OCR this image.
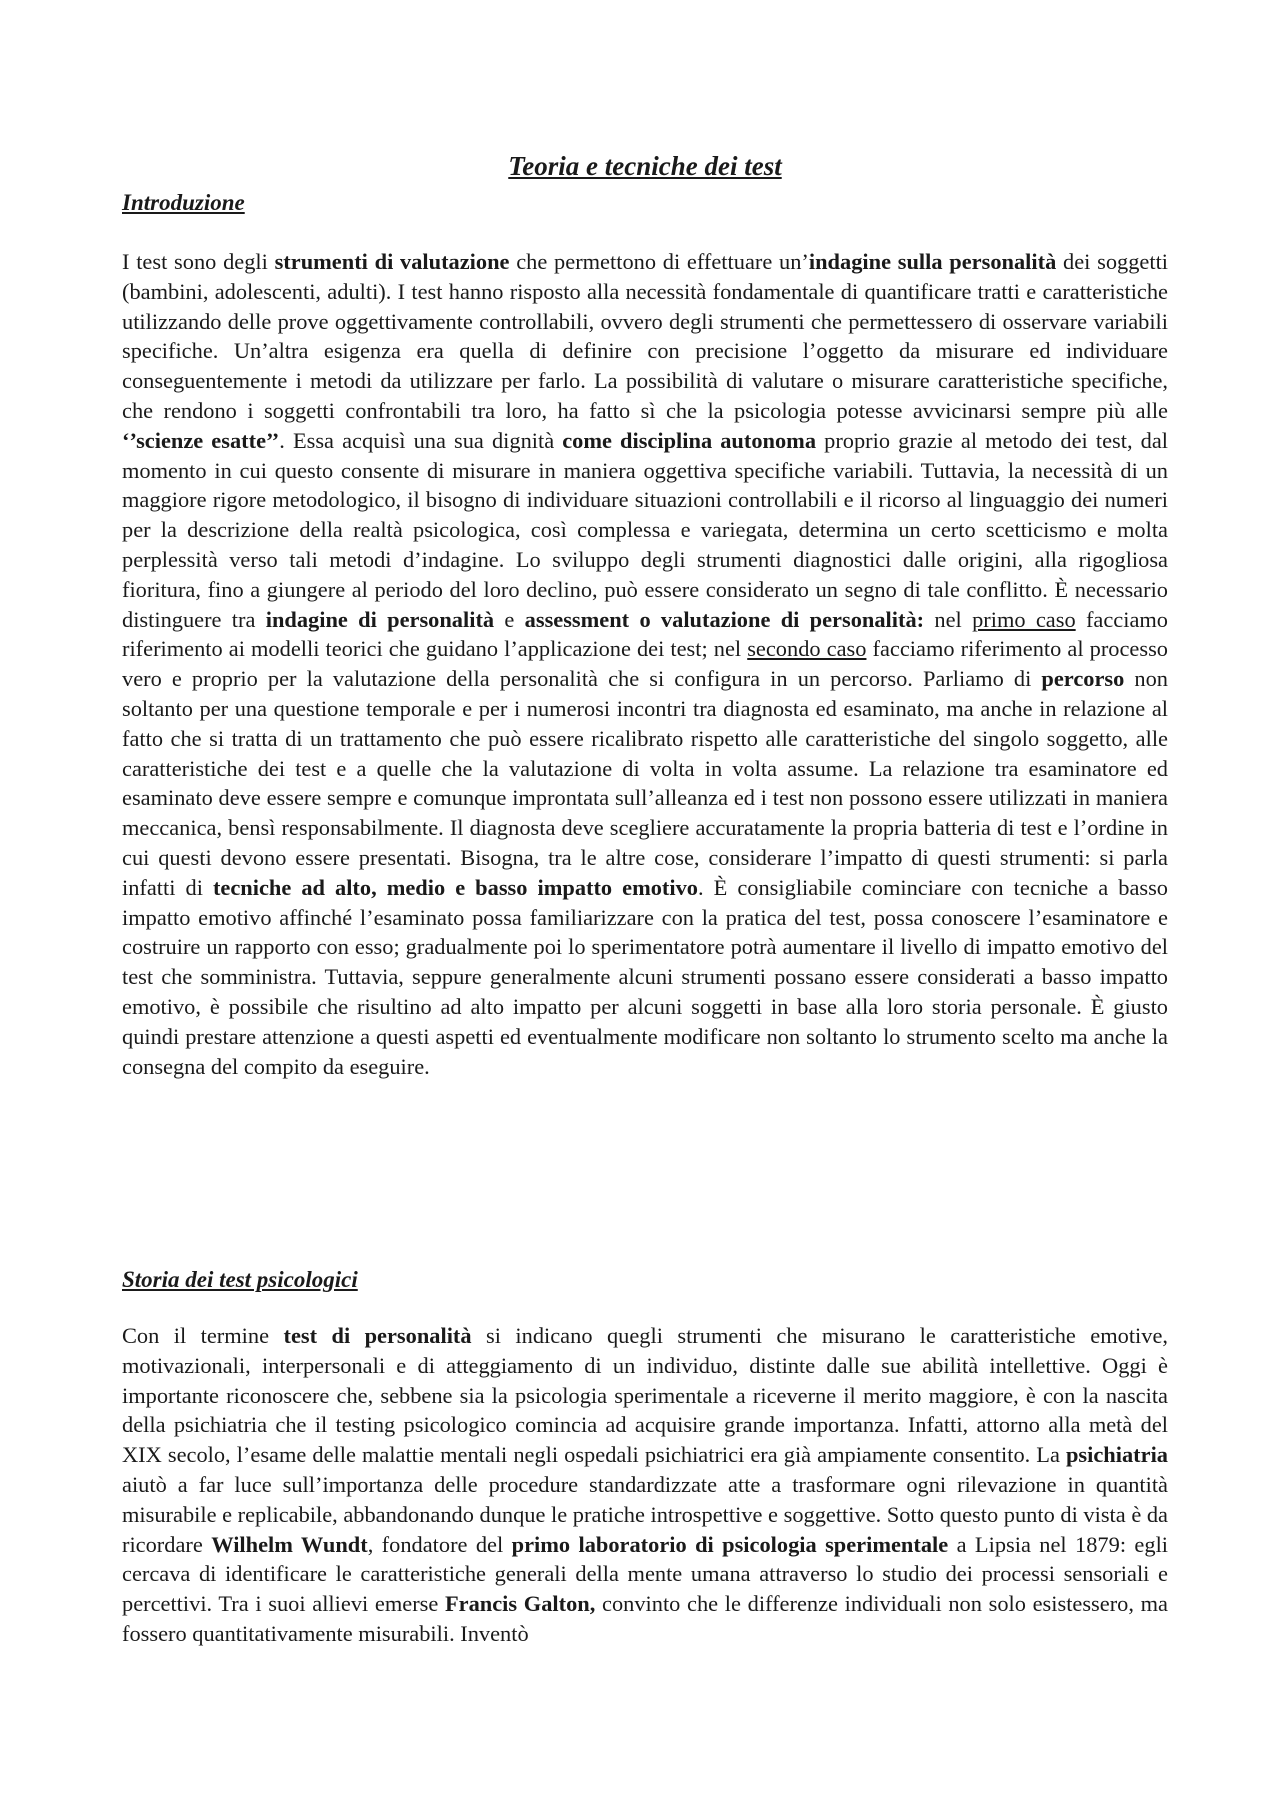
Teoria e tecniche dei test
Introduzione

I test sono degli strumenti di valutazione che permettono di effettuare un’indagine sulla personalità dei soggetti (bambini, adolescenti, adulti). I test hanno risposto alla necessità fondamentale di quantificare tratti e caratteristiche utilizzando delle prove oggettivamente controllabili, ovvero degli strumenti che permettessero di osservare variabili specifiche. Un’altra esigenza era quella di definire con precisione l’oggetto da misurare ed individuare conseguentemente i metodi da utilizzare per farlo. La possibilità di valutare o misurare caratteristiche specifiche, che rendono i soggetti confrontabili tra loro, ha fatto sì che la psicologia potesse avvicinarsi sempre più alle ‘’scienze esatte’’. Essa acquisì una sua dignità come disciplina autonoma proprio grazie al metodo dei test, dal momento in cui questo consente di misurare in maniera oggettiva specifiche variabili. Tuttavia, la necessità di un maggiore rigore metodologico, il bisogno di individuare situazioni controllabili e il ricorso al linguaggio dei numeri per la descrizione della realtà psicologica, così complessa e variegata, determina un certo scetticismo e molta perplessità verso tali metodi d’indagine. Lo sviluppo degli strumenti diagnostici dalle origini, alla rigogliosa fioritura, fino a giungere al periodo del loro declino, può essere considerato un segno di tale conflitto. È necessario distinguere tra indagine di personalità e assessment o valutazione di personalità: nel primo caso facciamo riferimento ai modelli teorici che guidano l’applicazione dei test; nel secondo caso facciamo riferimento al processo vero e proprio per la valutazione della personalità che si configura in un percorso. Parliamo di percorso non soltanto per una questione temporale e per i numerosi incontri tra diagnosta ed esaminato, ma anche in relazione al fatto che si tratta di un trattamento che può essere ricalibrato rispetto alle caratteristiche del singolo soggetto, alle caratteristiche dei test e a quelle che la valutazione di volta in volta assume. La relazione tra esaminatore ed esaminato deve essere sempre e comunque improntata sull’alleanza ed i test non possono essere utilizzati in maniera meccanica, bensì responsabilmente. Il diagnosta deve scegliere accuratamente la propria batteria di test e l’ordine in cui questi devono essere presentati. Bisogna, tra le altre cose, considerare l’impatto di questi strumenti: si parla infatti di tecniche ad alto, medio e basso impatto emotivo. È consigliabile cominciare con tecniche a basso impatto emotivo affinché l’esaminato possa familiarizzare con la pratica del test, possa conoscere l’esaminatore e costruire un rapporto con esso; gradualmente poi lo sperimentatore potrà aumentare il livello di impatto emotivo del test che somministra. Tuttavia, seppure generalmente alcuni strumenti possano essere considerati a basso impatto emotivo, è possibile che risultino ad alto impatto per alcuni soggetti in base alla loro storia personale. È giusto quindi prestare attenzione a questi aspetti ed eventualmente modificare non soltanto lo strumento scelto ma anche la consegna del compito da eseguire.

Storia dei test psicologici

Con il termine test di personalità si indicano quegli strumenti che misurano le caratteristiche emotive, motivazionali, interpersonali e di atteggiamento di un individuo, distinte dalle sue abilità intellettive. Oggi è importante riconoscere che, sebbene sia la psicologia sperimentale a riceverne il merito maggiore, è con la nascita della psichiatria che il testing psicologico comincia ad acquisire grande importanza. Infatti, attorno alla metà del XIX secolo, l’esame delle malattie mentali negli ospedali psichiatrici era già ampiamente consentito. La psichiatria aiutò a far luce sull’importanza delle procedure standardizzate atte a trasformare ogni rilevazione in quantità misurabile e replicabile, abbandonando dunque le pratiche introspettive e soggettive. Sotto questo punto di vista è da ricordare Wilhelm Wundt, fondatore del primo laboratorio di psicologia sperimentale a Lipsia nel 1879: egli cercava di identificare le caratteristiche generali della mente umana attraverso lo studio dei processi sensoriali e percettivi. Tra i suoi allievi emerse Francis Galton, convinto che le differenze individuali non solo esistessero, ma fossero quantitativamente misurabili. Inventò
